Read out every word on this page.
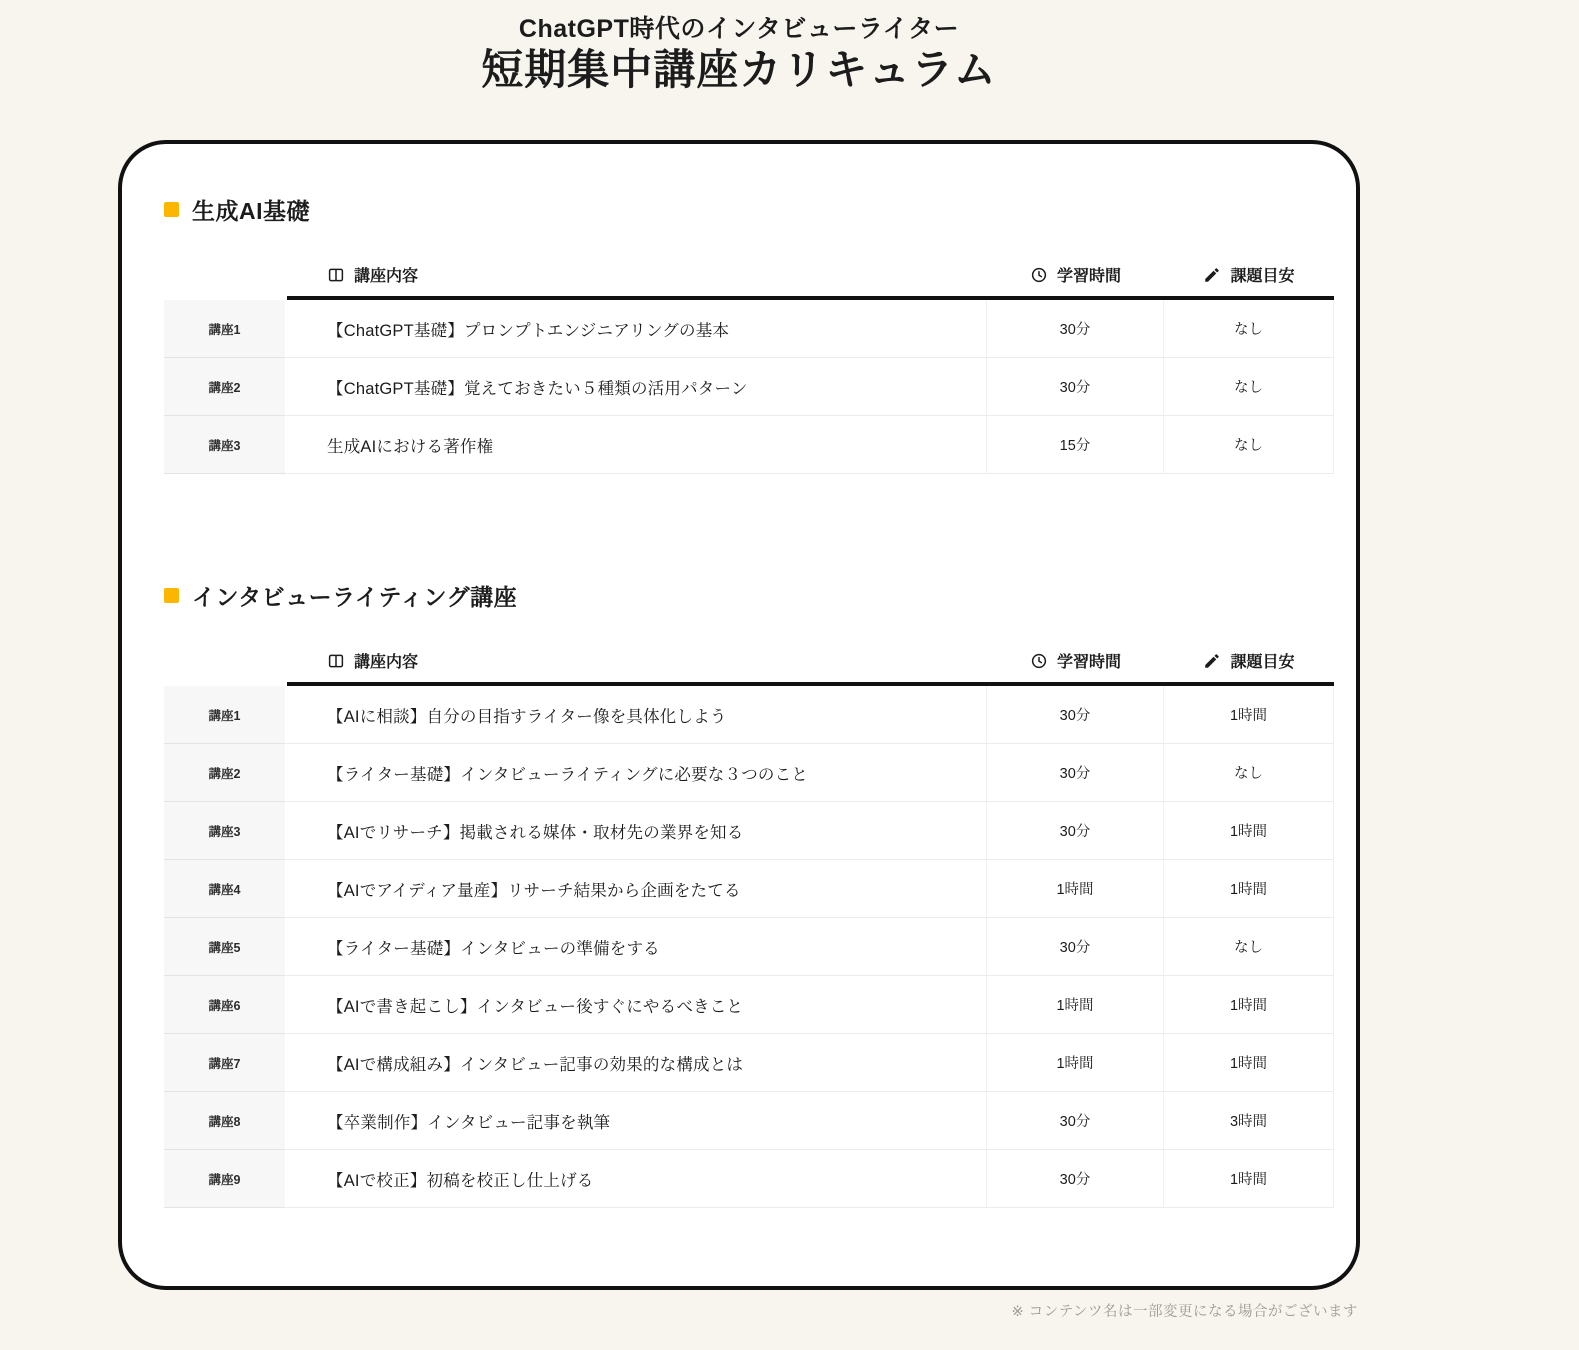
ChatGPT時代のインタビューライター
短期集中講座カリキュラム
生成AI基礎
	講座内容	学習時間	課題目安
講座1	【ChatGPT基礎】プロンプトエンジニアリングの基本	30分	なし
講座2	【ChatGPT基礎】覚えておきたい５種類の活用パターン	30分	なし
講座3	生成AIにおける著作権	15分	なし
インタビューライティング講座
	講座内容	学習時間	課題目安
講座1	【AIに相談】自分の目指すライター像を具体化しよう	30分	1時間
講座2	【ライター基礎】インタビューライティングに必要な３つのこと	30分	なし
講座3	【AIでリサーチ】掲載される媒体・取材先の業界を知る	30分	1時間
講座4	【AIでアイディア量産】リサーチ結果から企画をたてる	1時間	1時間
講座5	【ライター基礎】インタビューの準備をする	30分	なし
講座6	【AIで書き起こし】インタビュー後すぐにやるべきこと	1時間	1時間
講座7	【AIで構成組み】インタビュー記事の効果的な構成とは	1時間	1時間
講座8	【卒業制作】インタビュー記事を執筆	30分	3時間
講座9	【AIで校正】初稿を校正し仕上げる	30分	1時間
※ コンテンツ名は一部変更になる場合がございます
